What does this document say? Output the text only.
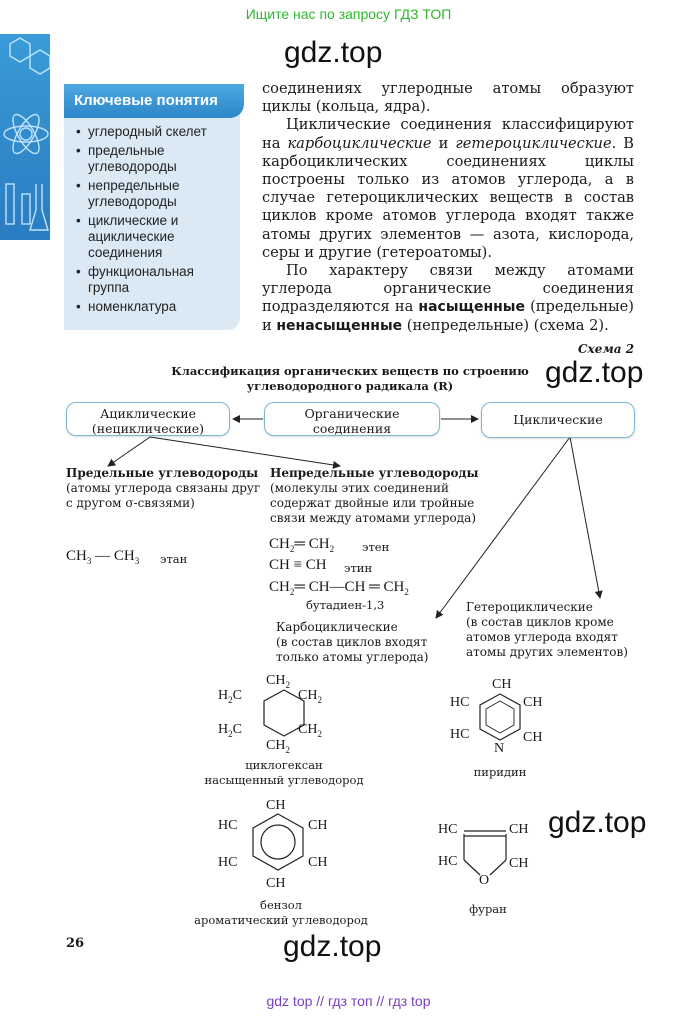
Ищите нас по запросу ГДЗ ТОП
gdz.top
gdz.top
gdz.top
gdz.top
Ключевые понятия
• углеродный скелет
• предельные углеводороды
• непредельные углеводороды
• циклические и ациклические соединения
• функциональная группа
• номенклатура

соединениях углеродные атомы образуют циклы (кольца, ядра).

Циклические соединения классифицируют на карбоциклические и гетероциклические. В карбоциклических соединениях циклы построены только из атомов углерода, а в случае гетероциклических веществ в состав циклов кроме атомов углерода входят также атомы других элементов — азота, кислорода, серы и другие (гетероатомы).

По характеру связи между атомами углерода органические соединения подразделяются на насыщенные (предельные) и ненасыщенные (непредельные) (схема 2).

Схема 2
Классификация органических веществ по строению
углеводородного радикала (R)
Ациклические
(нециклические)
Органические
соединения
Циклические
Предельные углеводороды
(атомы углерода связаны друг с другом σ-связями)
$CH_3$ — $CH_3$ этан
Непредельные углеводороды
(молекулы этих соединений содержат двойные или тройные связи между атомами углерода)
$CH_2═$ $CH_2$ этен
CH ≡ CH этин
$CH_2═$ CH—CH ═ $CH_2$
бутадиен-1,3
Карбоциклические
(в состав циклов входят только атомы углерода)
Гетероциклические
(в состав циклов кроме атомов углерода входят атомы других элементов)
$CH_2$
$H_2C$	$CH_2$
$H_2C$	$CH_2$
$CH_2$
циклогексан
насыщенный углеводород
CH
HC	CH
HC	CH
CH
бензол
ароматический углеводород
CH
HC	CH
HC	CH
N
пиридин
HC	CH
HC	CH
O
фуран
26
gdz top // гдз топ // гдз top
